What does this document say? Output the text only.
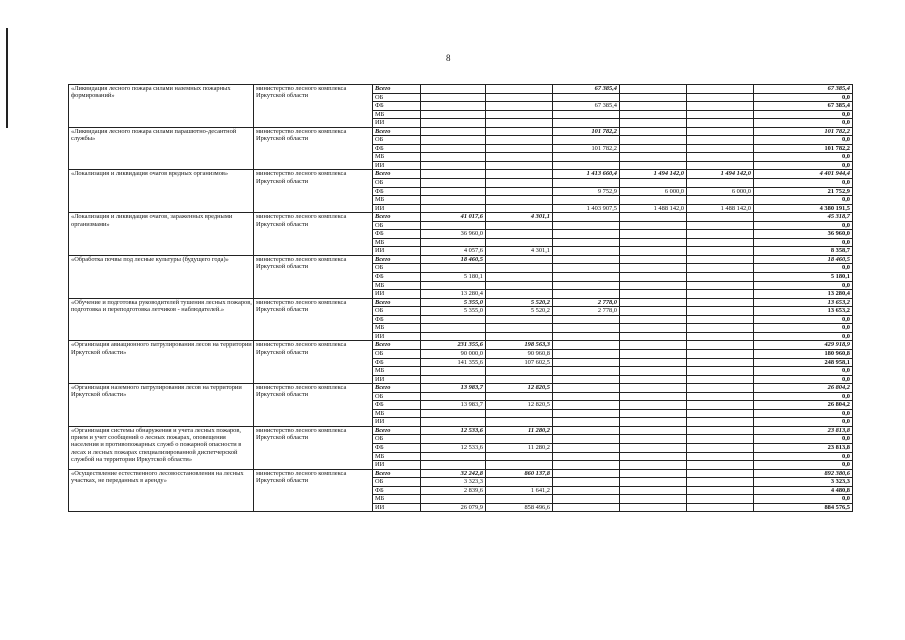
8
«Ликвидация лесного пожара силами наземных пожарных формирований»	министерство лесного комплекса Иркутской области	Всего			67 385,4			67 385,4
		ОБ						0,0
		ФБ			67 385,4			67 385,4
		МБ						0,0
		ИИ						0,0
«Ликвидация лесного пожара силами парашютно-десантной службы»	министерство лесного комплекса Иркутской области	Всего			101 782,2			101 782,2
		ОБ						0,0
		ФБ			101 782,2			101 782,2
		МБ						0,0
		ИИ						0,0
«Локализация и ликвидация очагов вредных организмов»	министерство лесного комплекса Иркутской области	Всего			1 413 660,4	1 494 142,0	1 494 142,0	4 401 944,4
		ОБ						0,0
		ФБ			9 752,9	6 000,0	6 000,0	21 752,9
		МБ						0,0
		ИИ			1 403 907,5	1 488 142,0	1 488 142,0	4 380 191,5
«Локализация и ликвидация очагов, зараженных вредными организмами»	министерство лесного комплекса Иркутской области	Всего	41 017,6	4 301,1				45 318,7
		ОБ						0,0
		ФБ	36 960,0					36 960,0
		МБ						0,0
		ИИ	4 057,6	4 301,1				8 358,7
«Обработка почвы под лесные культуры (будущего года)»	министерство лесного комплекса Иркутской области	Всего	18 460,5					18 460,5
		ОБ						0,0
		ФБ	5 180,1					5 180,1
		МБ						0,0
		ИИ	13 280,4					13 280,4
«Обучение и подготовка руководителей тушения лесных пожаров, подготовка и переподготовка летчиков - наблюдателей.»	министерство лесного комплекса Иркутской области	Всего	5 355,0	5 520,2	2 778,0			13 653,2
		ОБ	5 355,0	5 520,2	2 778,0			13 653,2
		ФБ						0,0
		МБ						0,0
		ИИ						0,0
«Организация авиационного патрулирования лесов на территории Иркутской области»	министерство лесного комплекса Иркутской области	Всего	231 355,6	198 563,3				429 918,9
		ОБ	90 000,0	90 960,8				180 960,8
		ФБ	141 355,6	107 602,5				248 958,1
		МБ						0,0
		ИИ						0,0
«Организация наземного патрулирования лесов на территории Иркутской области»	министерство лесного комплекса Иркутской области	Всего	13 983,7	12 820,5				26 804,2
		ОБ						0,0
		ФБ	13 983,7	12 820,5				26 804,2
		МБ						0,0
		ИИ						0,0
«Организация системы обнаружения и учета лесных пожаров, прием и учет сообщений о лесных пожарах, оповещения населения и противопожарных служб о пожарной опасности в лесах и лесных пожарах специализированной диспетчерской службой на территории Иркутской области»	министерство лесного комплекса Иркутской области	Всего	12 533,6	11 280,2				23 813,8
		ОБ						0,0
		ФБ	12 533,6	11 280,2				23 813,8
		МБ						0,0
		ИИ						0,0
«Осуществление естественного лесовосстановления на лесных участках, не переданных в аренду»	министерство лесного комплекса Иркутской области	Всего	32 242,8	860 137,8				892 380,6
		ОБ	3 323,3					3 323,3
		ФБ	2 839,6	1 641,2				4 480,8
		МБ						0,0
		ИИ	26 079,9	858 496,6				884 576,5
